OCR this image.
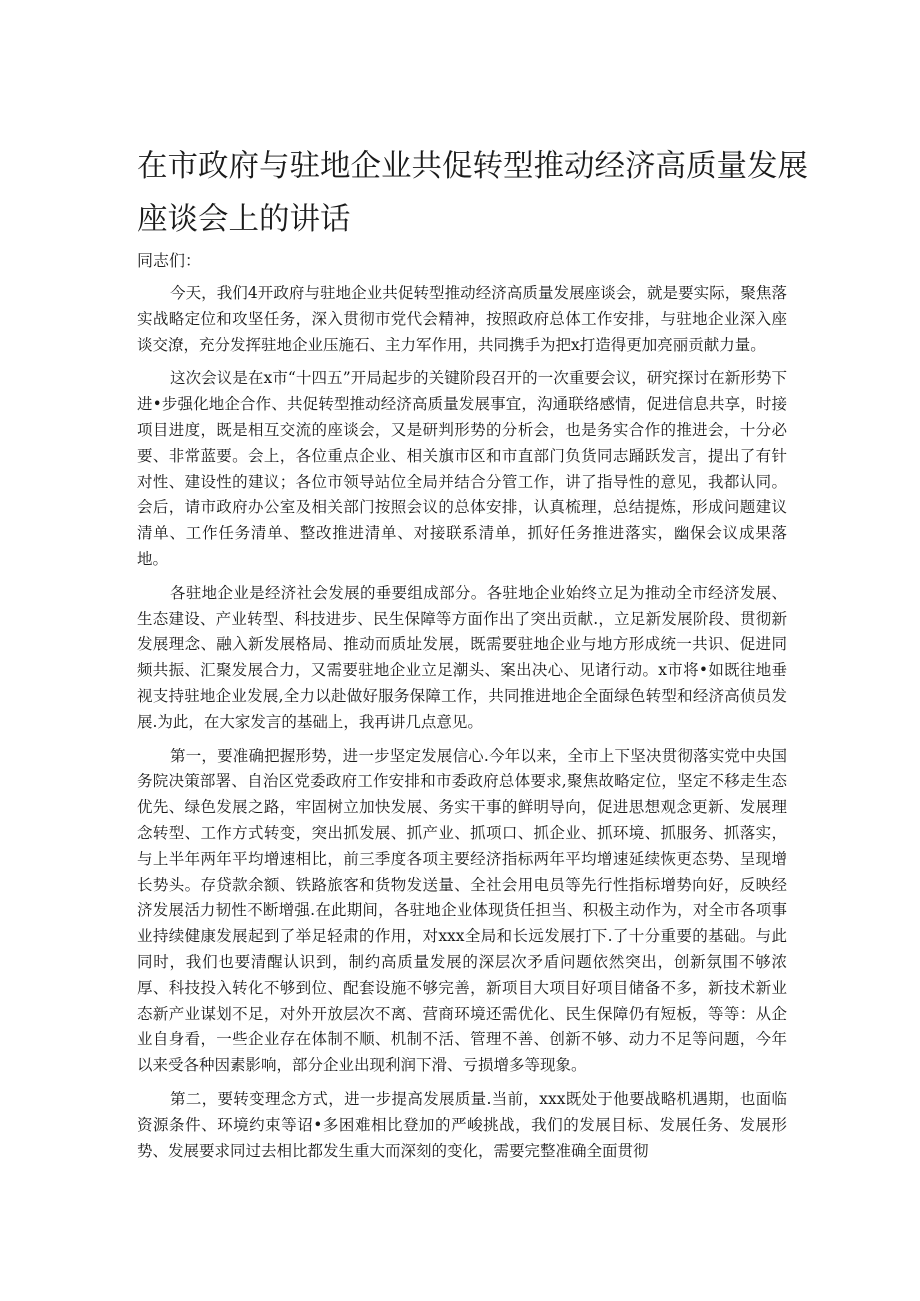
在市政府与驻地企业共促转型推动经济高质量发展座谈会上的讲话

同志们：

今天，我们4开政府与驻地企业共促转型推动经济高质量发展座谈会，就是要实际，聚焦落实战略定位和攻坚任务，深入贯彻市党代会精神，按照政府总体工作安排，与驻地企业深入座谈交潦，充分发挥驻地企业压施石、主力军作用，共同携手为把x打造得更加亮丽贡献力量。

这次会议是在x市“十四五”开局起步的关键阶段召开的一次重要会议，研究探讨在新形势下进•步强化地企合作、共促转型推动经济高质量发展事宜，沟通联络感情，促进信息共享，时接项目进度，既是相互交流的座谈会，又是研判形势的分析会，也是务实合作的推进会，十分必要、非常蓝要。会上，各位重点企业、相关旗市区和市直部门负货同志踊跃发言，提出了有针对性、建设性的建议；各位市领导站位全局并结合分管工作，讲了指导性的意见，我都认同。会后，请市政府办公室及相关部门按照会议的总体安排，认真梳理，总结提炼，形成问题建议清单、工作任务清单、整改推进清单、对接联系清单，抓好任务推进落实，幽保会议成果落地。

各驻地企业是经济社会发展的垂要组成部分。各驻地企业始终立足为推动全市经济发展、生态建设、产业转型、科技进步、民生保障等方面作出了突出贡献.，立足新发展阶段、贯彻新发展理念、融入新发展格局、推动而质址发展，既需要驻地企业与地方形成统一共识、促进同频共振、汇聚发展合力，又需要驻地企业立足潮头、案出决心、见诸行动。x市将•如既往地垂视支持驻地企业发展,全力以赴做好服务保障工作，共同推进地企全面绿色转型和经济高侦员发展.为此，在大家发言的基础上，我再讲几点意见。

第一，要准确把握形势，进一步坚定发展信心.今年以来，全市上下坚决贯彻落实党中央国务院决策部署、自治区党委政府工作安排和市委政府总体要求,聚焦故略定位，坚定不移走生态优先、绿色发展之路，牢固树立加快发展、务实干事的鲜明导向，促进思想观念更新、发展理念转型、工作方式转变，突出抓发展、抓产业、抓项口、抓企业、抓环境、抓服务、抓落实，与上半年两年平均增速相比，前三季度各项主要经济指标两年平均增速延续恢更态势、呈现增长势头。存贷款余额、铁路旅客和货物发送量、全社会用电员等先行性指标增势向好，反映经济发展活力韧性不断增强.在此期间，各驻地企业体现货任担当、积极主动作为，对全市各项事业持续健康发展起到了举足轻肃的作用，对xxx全局和长远发展打下.了十分重要的基础。与此同时，我们也要清醒认识到，制约高质量发展的深层次矛盾问题依然突出，创新氛围不够浓厚、科技投入转化不够到位、配套设施不够完善，新项目大项目好项目储备不多，新技术新业态新产业谋划不足，对外开放层次不离、营商环境还需优化、民生保障仍有短板，等等：从企业自身看，一些企业存在体制不顺、机制不活、管理不善、创新不够、动力不足等问题，今年以来受各种因素影响，部分企业出现利润下滑、亏损增多等现象。

第二，要转变理念方式，进一步提高发展质量.当前，xxx既处于他要战略机遇期，也面临资源条件、环境约束等诏•多困难相比登加的严峻挑战，我们的发展目标、发展任务、发展形势、发展要求同过去相比都发生重大而深刻的变化，需要完整准确全面贯彻
